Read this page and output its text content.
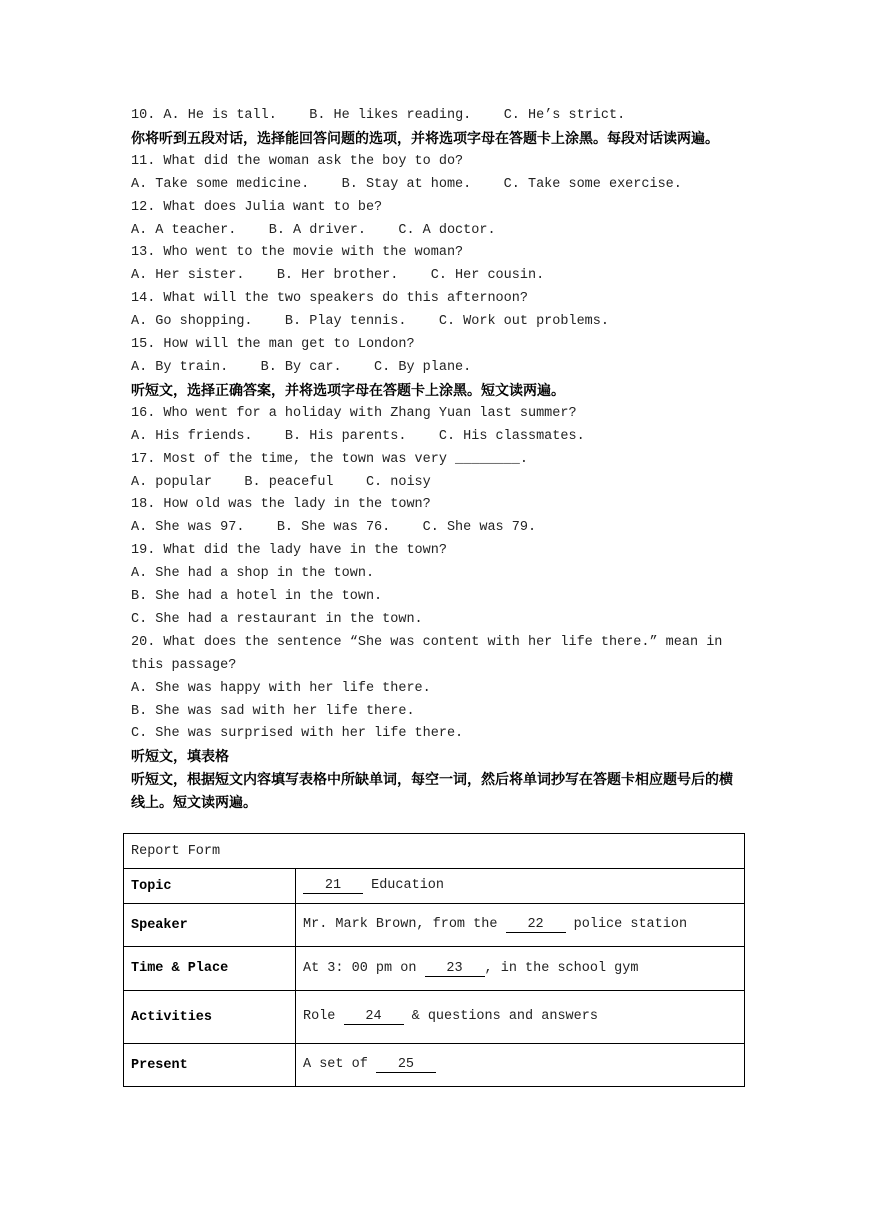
10. A. He is tall. B. He likes reading. C. He’s strict.
你将听到五段对话，选择能回答问题的选项，并将选项字母在答题卡上涂黑。每段对话读两遍。
11. What did the woman ask the boy to do?
A. Take some medicine.    B. Stay at home.    C. Take some exercise.
12. What does Julia want to be?
A. A teacher.    B. A driver.    C. A doctor.
13. Who went to the movie with the woman?
A. Her sister.    B. Her brother.    C. Her cousin.
14. What will the two speakers do this afternoon?
A. Go shopping.    B. Play tennis.    C. Work out problems.
15. How will the man get to London?
A. By train.    B. By car.    C. By plane.
听短文，选择正确答案，并将选项字母在答题卡上涂黑。短文读两遍。
16. Who went for a holiday with Zhang Yuan last summer?
A. His friends.    B. His parents.    C. His classmates.
17. Most of the time, the town was very ________.
A. popular    B. peaceful    C. noisy
18. How old was the lady in the town?
A. She was 97.    B. She was 76.    C. She was 79.
19. What did the lady have in the town?
A. She had a shop in the town.
B. She had a hotel in the town.
C. She had a restaurant in the town.
20. What does the sentence “She was content with her life there.” mean in this passage?
A. She was happy with her life there.
B. She was sad with her life there.
C. She was surprised with her life there.
听短文，填表格
听短文，根据短文内容填写表格中所缺单词，每空一词，然后将单词抄写在答题卡相应题号后的横线上。短文读两遍。
Report Form	
Topic	21 Education
Speaker	Mr. Mark Brown, from the 22 police station
Time & Place	At 3: 00 pm on 23 , in the school gym
Activities	Role 24 & questions and answers
Present	A set of 25
